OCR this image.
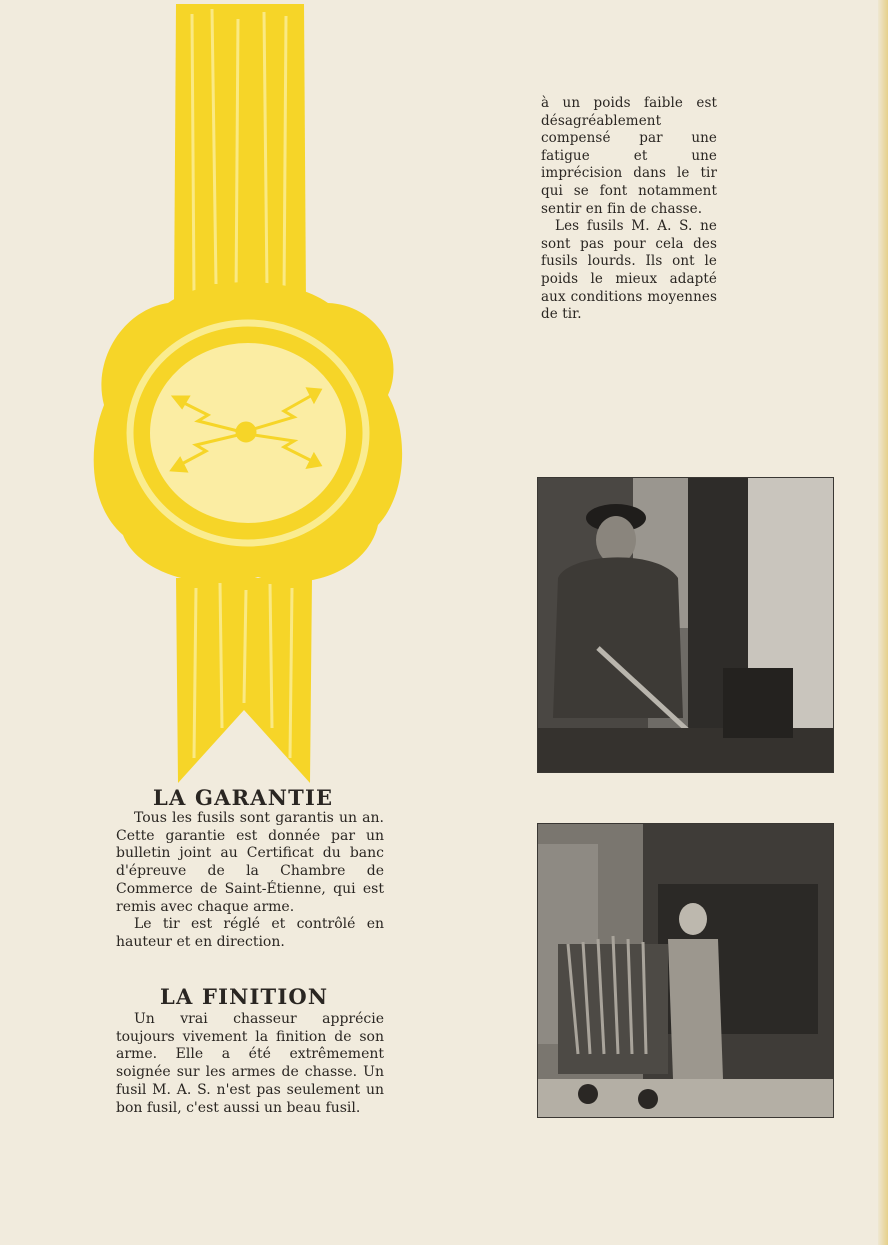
à un poids faible est désagréablement compensé par une fatigue et une imprécision dans le tir qui se font notamment sentir en fin de chasse.

Les fusils M. A. S. ne sont pas pour cela des fusils lourds. Ils ont le poids le mieux adapté aux conditions moyennes de tir.

LA GARANTIE

Tous les fusils sont garantis un an. Cette garantie est donnée par un bulletin joint au Certificat du banc d'épreuve de la Chambre de Commerce de Saint-Étienne, qui est remis avec chaque arme.

Le tir est réglé et contrôlé en hauteur et en direction.

LA FINITION

Un vrai chasseur apprécie toujours vivement la finition de son arme. Elle a été extrêmement soignée sur les armes de chasse. Un fusil M. A. S. n'est pas seulement un bon fusil, c'est aussi un beau fusil.
